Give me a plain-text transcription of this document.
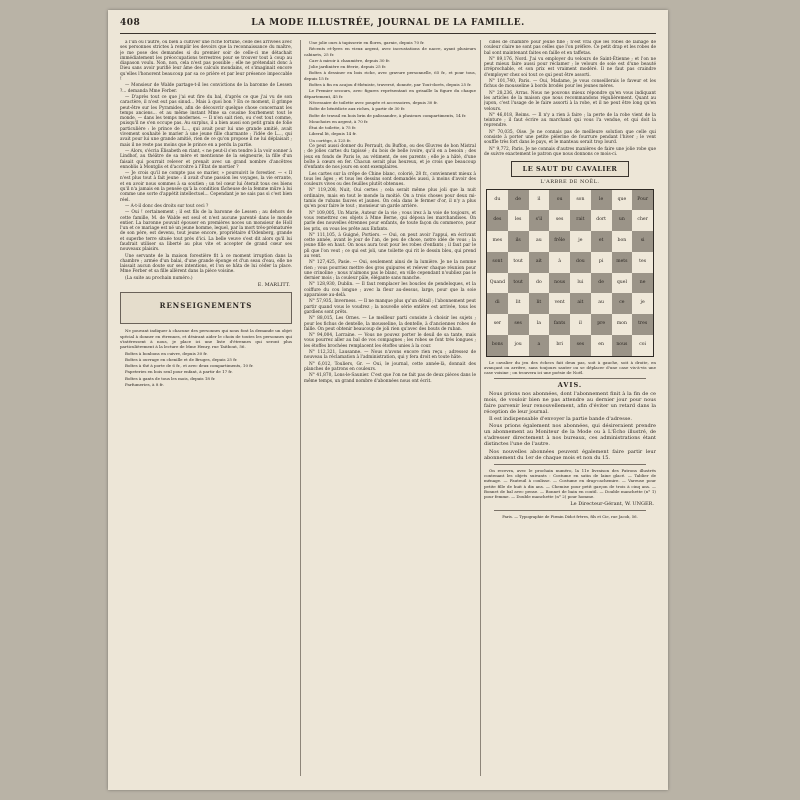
408	LA MODE ILLUSTRÉE, JOURNAL DE LA FAMILLE.

à l'un ou l'autre, ou bien à cultiver une riche fortune, celle des arrivées avec ses personnes strictes à remplir les devoirs que la reconnaissance du maître, je me pose des demandes si du premier soir de celle-ci me détachait immédiatement les préoccupations terrestres pour se trouver tout à coup au diapason voulu. Non, non, cela n'est pas possible ; elle ne prétendait donc à Dieu sans avoir purifié leur âme des calculs mondains, et s'imaginait encore qu'elles l'honorent beaucoup par sa ce prière et par leur présence impeccable !

— Monsieur de Walde partage-t-il les convictions de la baronne de Lessen ?... demanda Mme Ferber.

— D'après tout ce que j'ai eut fire du bal, d'après ce que j'ai vu de son caractère, il n'est eut pas sinud... Mais à quoi bon ? En ce moment, il grimpe peut-être sur les Pyramides, afin de découvrir quelque chose concernant les temps anciens... et au même instant Mme sa cousine fourbement tout le monde, — dans les temps modernes. — Il n'en sait rien, ou c'est tout comme, puisqu'il ne s'en occupe pas. Au surplus, il a bien aussi son petit grain de folie particulière : le prince de L..., qui avait pour lui une grande amitié, avait vivement souhaité le marier à une jeune fille charmante ; l'idée de L..., qui avait pour lui une grande amitié, rien de ce qu'on propose il ne lui déplaisait ; mais il ne reste pas moins que le prince en a perdu la partie.

— Alors, s'écria Élisabeth en riant, « ne peut-il s'en tendre à la voir sonner à Lindhof, au théâtre de sa mère et mentionne de la seigneurie, la fille d'un faisait qui pourrait relever et prenait avec un grand nombre d'ancêtres ennoblis à Montglis et d'accroitre à l'État de mortier ?

— Je crois qu'il ne compte pas se marier, » poursuivit le forestier. — « Il n'est plus tout à fait jeune : il avait d'une passion les voyages, la vie errante, et en avoir nous sommes à sa soutien ; un tel cœur lui ôterait tous ces biens qu'il n'a jamais en la pensée qu'à la condition fâcheuse de la femme mûre à lui comme une sorte d'appétit intellectuel... Cependant je ne sais pas si c'est bien réel.

— A-t-il donc des droits sur tout ceci ?

— Oui ! certainement ; il est fils de la baronne de Lessen ; au dehors de cette famille, M. de Walde est seul et n'est aucune parenté dans le monde entier. La baronne pouvait épouser en premières noces un monsieur de Holl l'un et ce mariage est né un jeune homme, lequel, par la mort très-prématurée de son père, est devenu, tout jeune encore, propriétaire d'Odenberg, grande et superbe terre située tout près d'ici. La belle veuve s'est dit alors qu'il lui faudrait utiliser sa liberté au plus vite et accepter de grand cœur ses nouveaux plaisirs.

Une servante de la maison forestière fit à ce moment irruption dans la chambre ; armée d'un balai, d'une grande éponge et d'un seau d'eau, elle ne laissait aucun doute sur ses intentions, et l'on se hâta de lui céder la place. Mme Ferber et sa fille allèrent dans la pièce voisine.

(La suite au prochain numéro.)

E. MARLITT.
RENSEIGNEMENTS

Ne pouvant indiquer à chacune des personnes qui nous font la demande un objet spécial à donner en étrennes, et désirant aider le choix de toutes les personnes qui s'intéressent à nous, je place ici une liste d'étrennes qui seront plus particulièrement à la lecture de Mme Henry, rue Taitbout, 56.

Boîtes à bonbons en cuivre, depuis 30 fr.

Boîtes à ouvrage en chenille et de Bruges, depuis 25 fr.

Boîtes à thé à porte de 6 fr., et avec deux compartiments, 10 fr.

Papeteries en bois seul pour enfant, à partir de 17 fr.

Boîtes à gants de tous les mois, depuis 18 fr.

Parfumeries, à 8 fr.

Une jolie ours à tapisserie en flores, garnie, depuis 70 fr.

Récents et-lyres en vieux argent, avec incrustations de nacre, ayant plusieurs cabinets, 25 fr.

Carr à miroir à chaumière, depuis 30 fr.

Jolie jardinière en féerie, depuis 25 fr.

Boîtes à dessiner en bois riche, avec gravure personnelle, 65 fr., et pour tous, depuis 15 fr.

Boîtes à fin en acajou d'ébéniste, traversé, donnée, par Tout-dorés, depuis 25 fr.

Le Premier secours, avec figures représentant en grisaille la figure du chaque département, 45 fr.

Nécessaire de toilette avec poupée et accessoires, depuis 30 fr.

Boîte de bénédicte aux riches, à partir de 30 fr.

Boîte de travail en bois brin de palissandre, à plusieurs compartiments, 14 fr.

Mouchoirs en argent, à 70 fr.

Étui de toilette, à 75 fr.

Liberal lit, depuis 14 fr.

Un cortège, à 125 fr.

Ce peut aussi donner du Perrault, du Buffon, ou des Œuvres de bon Mistral ; de jolies cartes du tapissé ; du bois de belle ivoire, qu'il en a besoin ; des jeux en fonds de Paris le, au vétiment, de ses parents ; elle je a hâté, d'une boîte à cœurs en fer. Chacun serait plus heureux, et je crois que beaucoup d'enfants de nos jours en sont exemplaires.

Les cartes sur la crêpe de Chine blanc, colorié, 28 fr., conviennent mieux à tous les âges ; et tous les dessins sont demandés aussi, à moins d'avoir des couleurs vives ou des feuilles plutôt obtenues.

N° 119,208, Nuit, Oui certes ; cela serait même plus joli que la nuit ordinaire, mais en tout le monde la moitié. On a trois choses pour deux mi-tamis de rubans fauves et jaunes. On cela dans le fermer d'or, il n'y a plus qu'en pour faire le tout ; monsieur un garde arrière.

N° 109,005, Un Marie, Auteur de la vie ; vous irez à la voie de toujours, et vous remettrez ces objets à Mme Berne, qui déposa les marchandises. On parle des nouvelles étrennes pour enfants, de toute façon du commerce, pour les prix, on vous les prête aux Enfants.

N° 111,105, à Guigné, Portiers. — Oui, on peut avoir l'appui, en écrivant cette année, avant le jour de l'an, de peu de chose, notre idée de vous ; la jeune fille en haut. On nous aura tout pour les robes d'enfants ; il faut par le pli que l'on veut ; ce qui est joli, une toilette qui rit le dessin bleu, qui prend au vent.

N° 127,425, Pasie. — Oui, seulement ainsi de la lumière. Je ne la nomme rien ; vous pourriez mettre des gros guipures et relever chaque réunion pour une crinoline ; nous n'aimons pas le blanc, en ville cependant n'oubliez pas le dernier mois ; la couleur pâle, élégante sans manche.

N° 128,930, Dublin. — Il faut remplacer les boucles de pendeloques, et la coiffure du cou longue ; avec la fleur au-dessus, large, pour que la soie apparaisse au-delà.

N° 57,935, Inverness. — Il ne manque plus qu'un détail ; l'abonnement peut partir quand vous le voudrez ; la nouvelle série entière est arrivée, tous les gardiens sont prêts.

N° 88,015, Les Ornes. — Le meilleur parti consiste à choisir les sujets ; pour les fichus de dentelle, la mousseline, la dentelle, à d'anciennes robes de faille. On peut obtenir beaucoup de joli rien qu'avec des bouts de ruban.

N° 94,004, Lorraine. — Vous ne pouvez porter le deuil de sa tante, mais vous pourrez aller au bal de vos compagnes ; les robes se font très longues ; les étoffes brochées remplacent les étoffes unies à la cour.

N° 112,321, Lausanne. — Nous n'avons encore rien reçu ; adressez de nouveau la réclamation à l'administration, qui y fera droit en toute hâte.

N° 6,012, Touliers, Gr. — Oui, le journal, cette année-là, donnait des planches de patrons en couleurs.

N° 41,870, Lons-le-Saunier. C'est que l'on ne fait pas de deux pièces dans le même temps, un grand nombre d'abonnées nous ont écrit.

cilles de chambre pour jeune fille ; n'est vrai que les robes de lainage de couleur claire ne sont pas celles que l'on préfère. Ce petit drap et les robes de bal sont maintenant faites en faille et en taffetas.

N° 89,176, Nord. J'ai vu employer du velours de Saint-Étienne ; et l'on ne peut mieux faire aussi pour réclamer ; le velours de soie est d'une beauté irréprochable, et son prix est vraiment modéré. Il ne faut pas craindre d'employer chez soi tout ce qui peut être assorti.

N° 101,740, Paris. — Oui, Madame, je vous conseillerais le faveur et les fichus de mousseline à bords brodés pour les jeunes mères.

N° 28,236, Arras. Nous ne pouvons mieux répondre qu'en vous indiquant les articles de la maison que nous recommandons régulièrement. Quant au jupon, c'est l'usage de le faire assorti à la robe, et il ne peut être long qu'en velours.

N° 46,018, Reims. — Il n'y a rien à faire ; la perte de la robe vient de la teinture ; il faut écrire au marchand qui vous l'a vendue, et qui doit la reprendre.

N° 70,035, Oise. Je ne connais pas de meilleure solution que celle qui consiste à porter une petite pèlerine de fourrure pendant l'hiver ; le vent souffle très fort dans le pays, et le manteau serait trop lourd.

N° 9,772, Paris. Je ne connais d'autres manières de faire une jolie robe que de suivre exactement le patron que nous donnons ce mois-ci.

LE SAUT DU CAVALIER
L'ARBRE DE NOËL.
du	de	il	ou	son	le	que	Pour
des	les	s'il	ses	rait	dort	un	cher
mes	ils	au	frêle	je	et	bon	si
sont	tout	ait	à	dou	pi	mets	tes
Quand	tout	do	nous	lui	de	quel	ne
di	lit	lit	vent	ait	au	ce	je
ser	ses	la	fants	il	pre	mon	tres
bons	jou	a	bri	ses	en	nous	coi

Le cavalier du jeu des échecs fait deux pas, soit à gauche, soit à droite, en avançant ou arrière, sans toujours sauter ou se déplacer d'une case vis-à-vis une case voisine ; on trouvera ici une poésie de Noël.

AVIS.

Nous prions nos abonnées, dont l'abonnement finit à la fin de ce mois, de vouloir bien ne pas attendre au dernier jour pour nous faire parvenir leur renouvellement, afin d'éviter un retard dans la réception de leur journal.

Il est indispensable d'envoyer la partie bande d'adresse.

Nous prions également nos abonnées, qui désireraient prendre un abonnement au Moniteur de la Mode ou à L'Écho illustré, de s'adresser directement à nos bureaux, ces administrations étant distinctes l'une de l'autre.

Nos nouvelles abonnées peuvent également faire partir leur abonnement du 1er de chaque mois et non du 15.

On recevra, avec le prochain numéro, la 11e livraison des Patrons illustrés contenant les objets suivants : Costume en satin de laine glacé. — Tablier de ménage. — Fauteuil à coulisse. — Costume en drap-cachemire. — Vareuse pour petite fille de huit à dix ans. — Chemise pour petit garçon de trois à cinq ans. — Bonnet de bal avec pense. — Bonnet de bain en coutil. — Double manchette (n° 1) pour femme. — Double manchette (n° 2) pour homme.

Le Directeur-Gérant, W. UNGER.
Paris. — Typographie de Firmin Didot frères, fils et Cie, rue Jacob, 56.
